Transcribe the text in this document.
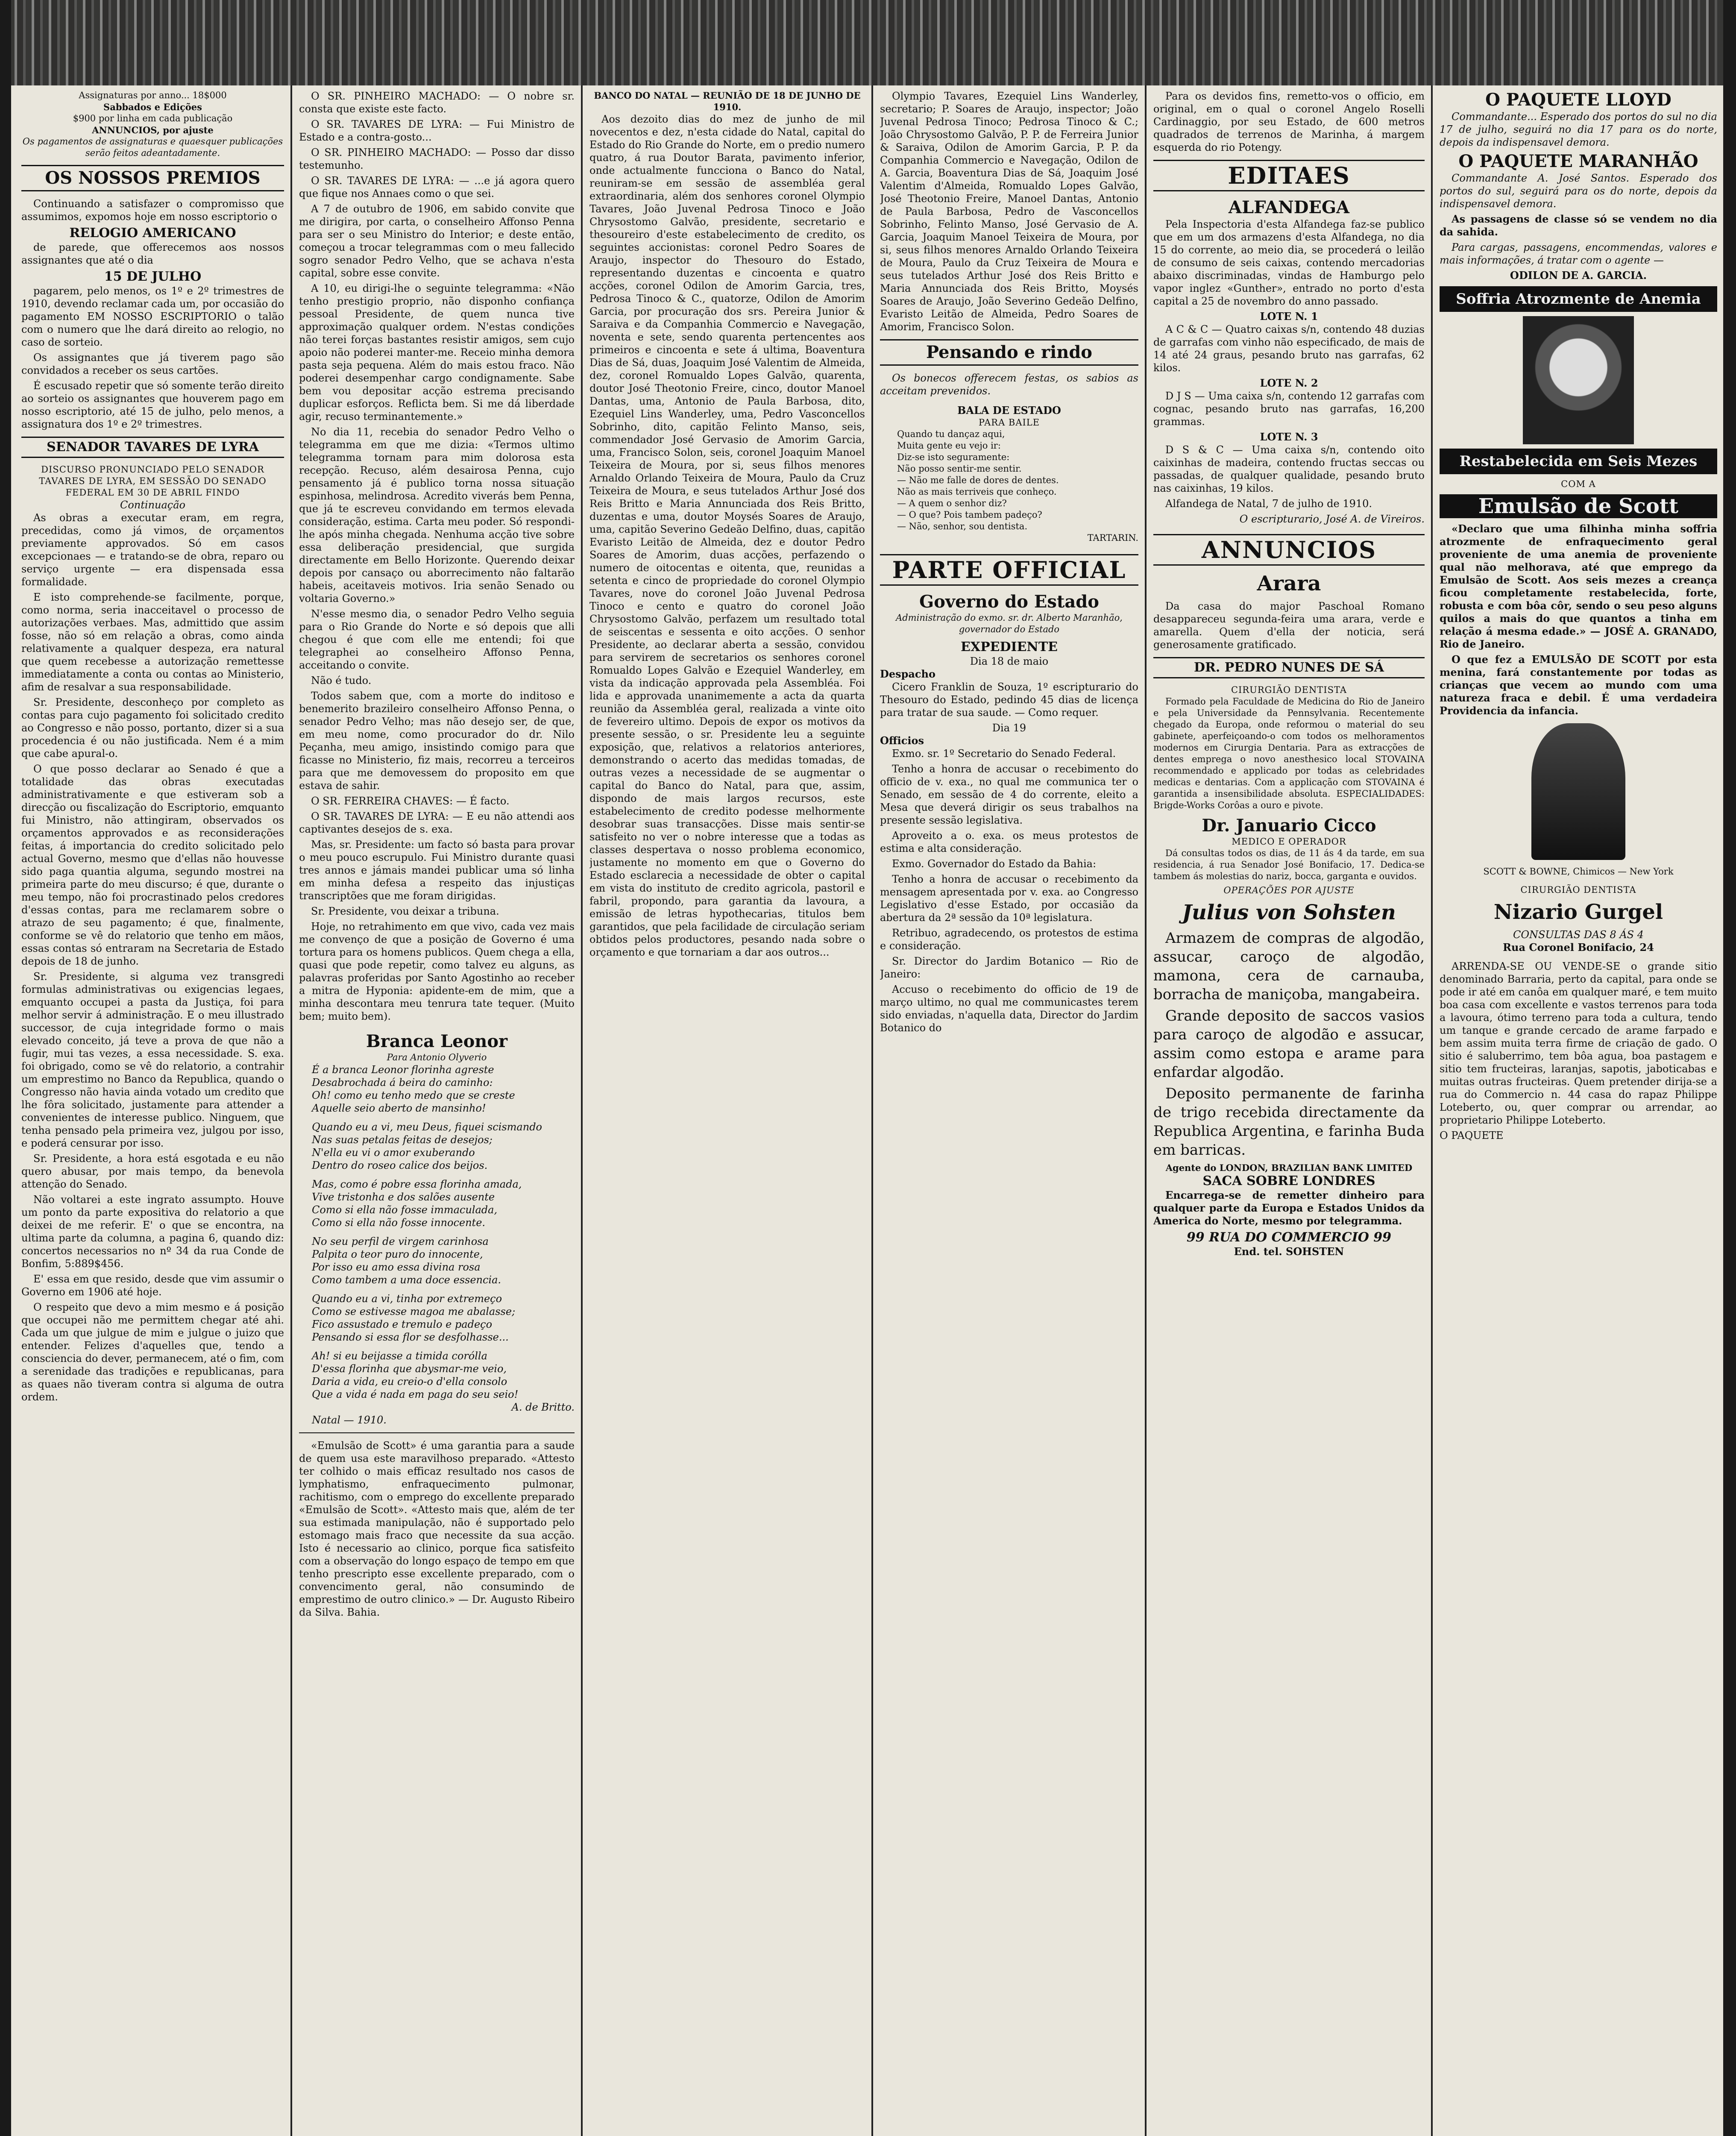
Assignaturas por anno... 18$000
Sabbados e Edições
$900 por linha em cada publicação
ANNUNCIOS, por ajuste
Os pagamentos de assignaturas e quaesquer publicações serão feitos adeantadamente.
OS NOSSOS PREMIOS

Continuando a satisfazer o compromisso que assumimos, expomos hoje em nosso escriptorio o

RELOGIO AMERICANO

de parede, que offerecemos aos nossos assignantes que até o dia

15 DE JULHO

pagarem, pelo menos, os 1º e 2º trimestres de 1910, devendo reclamar cada um, por occasião do pagamento EM NOSSO ESCRIPTORIO o talão com o numero que lhe dará direito ao relogio, no caso de sorteio.

Os assignantes que já tiverem pago são convidados a receber os seus cartões.

É escusado repetir que só somente terão direito ao sorteio os assignantes que houverem pago em nosso escriptorio, até 15 de julho, pelo menos, a assignatura dos 1º e 2º trimestres.

SENADOR TAVARES DE LYRA
DISCURSO PRONUNCIADO PELO SENADOR TAVARES DE LYRA, EM SESSÃO DO SENADO FEDERAL EM 30 DE ABRIL FINDO
Continuação

As obras a executar eram, em regra, precedidas, como já vimos, de orçamentos previamente approvados. Só em casos excepcionaes — e tratando-se de obra, reparo ou serviço urgente — era dispensada essa formalidade.

E isto comprehende-se facilmente, porque, como norma, seria inacceitavel o processo de autorizações verbaes. Mas, admittido que assim fosse, não só em relação a obras, como ainda relativamente a qualquer despeza, era natural que quem recebesse a autorização remettesse immediatamente a conta ou contas ao Ministerio, afim de resalvar a sua responsabilidade.

Sr. Presidente, desconheço por completo as contas para cujo pagamento foi solicitado credito ao Congresso e não posso, portanto, dizer si a sua procedencia é ou não justificada. Nem é a mim que cabe apural-o.

O que posso declarar ao Senado é que a totalidade das obras executadas administrativamente e que estiveram sob a direcção ou fiscalização do Escriptorio, emquanto fui Ministro, não attingiram, observados os orçamentos approvados e as reconsiderações feitas, á importancia do credito solicitado pelo actual Governo, mesmo que d'ellas não houvesse sido paga quantia alguma, segundo mostrei na primeira parte do meu discurso; é que, durante o meu tempo, não foi procrastinado pelos credores d'essas contas, para me reclamarem sobre o atrazo de seu pagamento; é que, finalmente, conforme se vê do relatorio que tenho em mãos, essas contas só entraram na Secretaria de Estado depois de 18 de junho.

Sr. Presidente, si alguma vez transgredi formulas administrativas ou exigencias legaes, emquanto occupei a pasta da Justiça, foi para melhor servir á administração. E o meu illustrado successor, de cuja integridade formo o mais elevado conceito, já teve a prova de que não a fugir, mui tas vezes, a essa necessidade. S. exa. foi obrigado, como se vê do relatorio, a contrahir um emprestimo no Banco da Republica, quando o Congresso não havia ainda votado um credito que lhe fôra solicitado, justamente para attender a convenientes de interesse publico. Ninguem, que tenha pensado pela primeira vez, julgou por isso, e poderá censurar por isso.

Sr. Presidente, a hora está esgotada e eu não quero abusar, por mais tempo, da benevola attenção do Senado.

Não voltarei a este ingrato assumpto. Houve um ponto da parte expositiva do relatorio a que deixei de me referir. E' o que se encontra, na ultima parte da columna, a pagina 6, quando diz: concertos necessarios no nº 34 da rua Conde de Bonfim, 5:889$456.

E' essa em que resido, desde que vim assumir o Governo em 1906 até hoje.

O respeito que devo a mim mesmo e á posição que occupei não me permittem chegar até ahi. Cada um que julgue de mim e julgue o juizo que entender. Felizes d'aquelles que, tendo a consciencia do dever, permanecem, até o fim, com a serenidade das tradições e republicanas, para as quaes não tiveram contra si alguma de outra ordem.

O SR. PINHEIRO MACHADO: — O nobre sr. consta que existe este facto.

O SR. TAVARES DE LYRA: — Fui Ministro de Estado e a contra-gosto...

O SR. PINHEIRO MACHADO: — Posso dar disso testemunho.

O SR. TAVARES DE LYRA: — ...e já agora quero que fique nos Annaes como o que sei.

A 7 de outubro de 1906, em sabido convite que me dirigira, por carta, o conselheiro Affonso Penna para ser o seu Ministro do Interior; e deste então, começou a trocar telegrammas com o meu fallecido sogro senador Pedro Velho, que se achava n'esta capital, sobre esse convite.

A 10, eu dirigi-lhe o seguinte telegramma: «Não tenho prestigio proprio, não disponho confiança pessoal Presidente, de quem nunca tive approximação qualquer ordem. N'estas condições não terei forças bastantes resistir amigos, sem cujo apoio não poderei manter-me. Receio minha demora pasta seja pequena. Além do mais estou fraco. Não poderei desempenhar cargo condignamente. Sabe bem vou depositar acção estrema precisando duplicar esforços. Reflicta bem. Si me dá liberdade agir, recuso terminantemente.»

No dia 11, recebia do senador Pedro Velho o telegramma em que me dizia: «Termos ultimo telegramma tornam para mim dolorosa esta recepção. Recuso, além desairosa Penna, cujo pensamento já é publico torna nossa situação espinhosa, melindrosa. Acredito viverás bem Penna, que já te escreveu convidando em termos elevada consideração, estima. Carta meu poder. Só respondi-lhe após minha chegada. Nenhuma acção tive sobre essa deliberação presidencial, que surgida directamente em Bello Horizonte. Querendo deixar depois por cansaço ou aborrecimento não faltarão habeis, aceitaveis motivos. Iria senão Senado ou voltaria Governo.»

N'esse mesmo dia, o senador Pedro Velho seguia para o Rio Grande do Norte e só depois que alli chegou é que com elle me entendi; foi que telegraphei ao conselheiro Affonso Penna, acceitando o convite.

Não é tudo.

Todos sabem que, com a morte do inditoso e benemerito brazileiro conselheiro Affonso Penna, o senador Pedro Velho; mas não desejo ser, de que, em meu nome, como procurador do dr. Nilo Peçanha, meu amigo, insistindo comigo para que ficasse no Ministerio, fiz mais, recorreu a terceiros para que me demovessem do proposito em que estava de sahir.

O SR. FERREIRA CHAVES: — É facto.

O SR. TAVARES DE LYRA: — E eu não attendi aos captivantes desejos de s. exa.

Mas, sr. Presidente: um facto só basta para provar o meu pouco escrupulo. Fui Ministro durante quasi tres annos e jámais mandei publicar uma só linha em minha defesa a respeito das injustiças transcriptões que me foram dirigidas.

Sr. Presidente, vou deixar a tribuna.

Hoje, no retrahimento em que vivo, cada vez mais me convenço de que a posição de Governo é uma tortura para os homens publicos. Quem chega a ella, quasi que pode repetir, como talvez eu alguns, as palavras proferidas por Santo Agostinho ao receber a mitra de Hyponia: apidente-em de mim, que a minha descontara meu tenrura tate tequer. (Muito bem; muito bem).

Branca Leonor
Para Antonio Olyverio
É a branca Leonor florinha agreste
Desabrochada á beira do caminho:
Oh! como eu tenho medo que se creste
Aquelle seio aberto de mansinho!
Quando eu a vi, meu Deus, fiquei scismando
Nas suas petalas feitas de desejos;
N'ella eu vi o amor exuberando
Dentro do roseo calice dos beijos.
Mas, como é pobre essa florinha amada,
Vive tristonha e dos salões ausente
Como si ella não fosse immaculada,
Como si ella não fosse innocente.
No seu perfil de virgem carinhosa
Palpita o teor puro do innocente,
Por isso eu amo essa divina rosa
Como tambem a uma doce essencia.
Quando eu a vi, tinha por extremeço
Como se estivesse magoa me abalasse;
Fico assustado e tremulo e padeço
Pensando si essa flor se desfolhasse...
Ah! si eu beijasse a timida corólla
D'essa florinha que abysmar-me veio,
Daria a vida, eu creio-o d'ella consolo
Que a vida é nada em paga do seu seio!
A. de Britto.
Natal — 1910.

«Emulsão de Scott» é uma garantia para a saude de quem usa este maravilhoso preparado. «Attesto ter colhido o mais efficaz resultado nos casos de lymphatismo, enfraquecimento pulmonar, rachitismo, com o emprego do excellente preparado «Emulsão de Scott». «Attesto mais que, além de ter sua estimada manipulação, não é supportado pelo estomago mais fraco que necessite da sua acção. Isto é necessario ao clinico, porque fica satisfeito com a observação do longo espaço de tempo em que tenho prescripto esse excellente preparado, com o convencimento geral, não consumindo de emprestimo de outro clinico.» — Dr. Augusto Ribeiro da Silva. Bahia.

BANCO DO NATAL — REUNIÃO DE 18 DE JUNHO DE 1910.

Aos dezoito dias do mez de junho de mil novecentos e dez, n'esta cidade do Natal, capital do Estado do Rio Grande do Norte, em o predio numero quatro, á rua Doutor Barata, pavimento inferior, onde actualmente funcciona o Banco do Natal, reuniram-se em sessão de assembléa geral extraordinaria, além dos senhores coronel Olympio Tavares, João Juvenal Pedrosa Tinoco e João Chrysostomo Galvão, presidente, secretario e thesoureiro d'este estabelecimento de credito, os seguintes accionistas: coronel Pedro Soares de Araujo, inspector do Thesouro do Estado, representando duzentas e cincoenta e quatro acções, coronel Odilon de Amorim Garcia, tres, Pedrosa Tinoco & C., quatorze, Odilon de Amorim Garcia, por procuração dos srs. Pereira Junior & Saraiva e da Companhia Commercio e Navegação, noventa e sete, sendo quarenta pertencentes aos primeiros e cincoenta e sete á ultima, Boaventura Dias de Sá, duas, Joaquim José Valentim de Almeida, dez, coronel Romualdo Lopes Galvão, quarenta, doutor José Theotonio Freire, cinco, doutor Manoel Dantas, uma, Antonio de Paula Barbosa, dito, Ezequiel Lins Wanderley, uma, Pedro Vasconcellos Sobrinho, dito, capitão Felinto Manso, seis, commendador José Gervasio de Amorim Garcia, uma, Francisco Solon, seis, coronel Joaquim Manoel Teixeira de Moura, por si, seus filhos menores Arnaldo Orlando Teixeira de Moura, Paulo da Cruz Teixeira de Moura, e seus tutelados Arthur José dos Reis Britto e Maria Annunciada dos Reis Britto, duzentas e uma, doutor Moysés Soares de Araujo, uma, capitão Severino Gedeão Delfino, duas, capitão Evaristo Leitão de Almeida, dez e doutor Pedro Soares de Amorim, duas acções, perfazendo o numero de oitocentas e oitenta, que, reunidas a setenta e cinco de propriedade do coronel Olympio Tavares, nove do coronel João Juvenal Pedrosa Tinoco e cento e quatro do coronel João Chrysostomo Galvão, perfazem um resultado total de seiscentas e sessenta e oito acções. O senhor Presidente, ao declarar aberta a sessão, convidou para servirem de secretarios os senhores coronel Romualdo Lopes Galvão e Ezequiel Wanderley, em vista da indicação approvada pela Assembléa. Foi lida e approvada unanimemente a acta da quarta reunião da Assembléa geral, realizada a vinte oito de fevereiro ultimo. Depois de expor os motivos da presente sessão, o sr. Presidente leu a seguinte exposição, que, relativos a relatorios anteriores, demonstrando o acerto das medidas tomadas, de outras vezes a necessidade de se augmentar o capital do Banco do Natal, para que, assim, dispondo de mais largos recursos, este estabelecimento de credito podesse melhormente desobrar suas transacções. Disse mais sentir-se satisfeito no ver o nobre interesse que a todas as classes despertava o nosso problema economico, justamente no momento em que o Governo do Estado esclarecia a necessidade de obter o capital em vista do instituto de credito agricola, pastoril e fabril, propondo, para garantia da lavoura, a emissão de letras hypothecarias, titulos bem garantidos, que pela facilidade de circulação seriam obtidos pelos productores, pesando nada sobre o orçamento e que tornariam a dar aos outros...

Olympio Tavares, Ezequiel Lins Wanderley, secretario; P. Soares de Araujo, inspector; João Juvenal Pedrosa Tinoco; Pedrosa Tinoco & C.; João Chrysostomo Galvão, P. P. de Ferreira Junior & Saraiva, Odilon de Amorim Garcia, P. P. da Companhia Commercio e Navegação, Odilon de A. Garcia, Boaventura Dias de Sá, Joaquim José Valentim d'Almeida, Romualdo Lopes Galvão, José Theotonio Freire, Manoel Dantas, Antonio de Paula Barbosa, Pedro de Vasconcellos Sobrinho, Felinto Manso, José Gervasio de A. Garcia, Joaquim Manoel Teixeira de Moura, por si, seus filhos menores Arnaldo Orlando Teixeira de Moura, Paulo da Cruz Teixeira de Moura e seus tutelados Arthur José dos Reis Britto e Maria Annunciada dos Reis Britto, Moysés Soares de Araujo, João Severino Gedeão Delfino, Evaristo Leitão de Almeida, Pedro Soares de Amorim, Francisco Solon.

Pensando e rindo

Os bonecos offerecem festas, os sabios as acceitam prevenidos.

BALA DE ESTADO
PARA BAILE
Quando tu dançaz aqui,
Muita gente eu vejo ir:
Diz-se isto seguramente:
Não posso sentir-me sentir.
— Não me falle de dores de dentes.
Não as mais terriveis que conheço.
— A quem o senhor diz?
— O que? Pois tambem padeço?
— Não, senhor, sou dentista.
TARTARIN.
PARTE OFFICIAL
Governo do Estado
Administração do exmo. sr. dr. Alberto Maranhão, governador do Estado
EXPEDIENTE
Dia 18 de maio
Despacho

Cicero Franklin de Souza, 1º escripturario do Thesouro do Estado, pedindo 45 dias de licença para tratar de sua saude. — Como requer.

Dia 19
Officios

Exmo. sr. 1º Secretario do Senado Federal.

Tenho a honra de accusar o recebimento do officio de v. exa., no qual me communica ter o Senado, em sessão de 4 do corrente, eleito a Mesa que deverá dirigir os seus trabalhos na presente sessão legislativa.

Aproveito a o. exa. os meus protestos de estima e alta consideração.

Exmo. Governador do Estado da Bahia:

Tenho a honra de accusar o recebimento da mensagem apresentada por v. exa. ao Congresso Legislativo d'esse Estado, por occasião da abertura da 2ª sessão da 10ª legislatura.

Retribuo, agradecendo, os protestos de estima e consideração.

Sr. Director do Jardim Botanico — Rio de Janeiro:

Accuso o recebimento do officio de 19 de março ultimo, no qual me communicastes terem sido enviadas, n'aquella data, Director do Jardim Botanico do

Para os devidos fins, remetto-vos o officio, em original, em o qual o coronel Angelo Roselli Cardinaggio, por seu Estado, de 600 metros quadrados de terrenos de Marinha, á margem esquerda do rio Potengy.

EDITAES
ALFANDEGA

Pela Inspectoria d'esta Alfandega faz-se publico que em um dos armazens d'esta Alfandega, no dia 15 do corrente, ao meio dia, se procederá o leilão de consumo de seis caixas, contendo mercadorias abaixo discriminadas, vindas de Hamburgo pelo vapor inglez «Gunther», entrado no porto d'esta capital a 25 de novembro do anno passado.

LOTE N. 1

A C & C — Quatro caixas s/n, contendo 48 duzias de garrafas com vinho não especificado, de mais de 14 até 24 graus, pesando bruto nas garrafas, 62 kilos.

LOTE N. 2

D J S — Uma caixa s/n, contendo 12 garrafas com cognac, pesando bruto nas garrafas, 16,200 grammas.

LOTE N. 3

D S & C — Uma caixa s/n, contendo oito caixinhas de madeira, contendo fructas seccas ou passadas, de qualquer qualidade, pesando bruto nas caixinhas, 19 kilos.

Alfandega de Natal, 7 de julho de 1910.

O escripturario, José A. de Vireiros.
ANNUNCIOS
Arara

Da casa do major Paschoal Romano desappareceu segunda-feira uma arara, verde e amarella. Quem d'ella der noticia, será generosamente gratificado.

DR. PEDRO NUNES DE SÁ
CIRURGIÃO DENTISTA

Formado pela Faculdade de Medicina do Rio de Janeiro e pela Universidade da Pennsylvania. Recentemente chegado da Europa, onde reformou o material do seu gabinete, aperfeiçoando-o com todos os melhoramentos modernos em Cirurgia Dentaria. Para as extracções de dentes emprega o novo anesthesico local STOVAINA recommendado e applicado por todas as celebridades medicas e dentarias. Com a applicação com STOVAINA é garantida a insensibilidade absoluta. ESPECIALIDADES: Brigde-Works Corôas a ouro e pivote.

Dr. Januario Cicco
MEDICO E OPERADOR

Dá consultas todos os dias, de 11 ás 4 da tarde, em sua residencia, á rua Senador José Bonifacio, 17. Dedica-se tambem ás molestias do nariz, bocca, garganta e ouvidos.

OPERAÇÕES POR AJUSTE
Julius von Sohsten

Armazem de compras de algodão, assucar, caroço de algodão, mamona, cera de carnauba, borracha de maniçoba, mangabeira.

Grande deposito de saccos vasios para caroço de algodão e assucar, assim como estopa e arame para enfardar algodão.

Deposito permanente de farinha de trigo recebida directamente da Republica Argentina, e farinha Buda em barricas.

Agente do LONDON, BRAZILIAN BANK LIMITED
SACA SOBRE LONDRES

Encarrega-se de remetter dinheiro para qualquer parte da Europa e Estados Unidos da America do Norte, mesmo por telegramma.

99 RUA DO COMMERCIO 99
End. tel. SOHSTEN
O PAQUETE LLOYD

Commandante... Esperado dos portos do sul no dia 17 de julho, seguirá no dia 17 para os do norte, depois da indispensavel demora.

O PAQUETE MARANHÃO

Commandante A. José Santos. Esperado dos portos do sul, seguirá para os do norte, depois da indispensavel demora.

As passagens de classe só se vendem no dia da sahida.

Para cargas, passagens, encommendas, valores e mais informações, á tratar com o agente —

ODILON DE A. GARCIA.
Soffria Atrozmente de Anemia
Restabelecida em Seis Mezes
COM A
Emulsão de Scott

«Declaro que uma filhinha minha soffria atrozmente de enfraquecimento geral proveniente de uma anemia de proveniente qual não melhorava, até que emprego da Emulsão de Scott. Aos seis mezes a creança ficou completamente restabelecida, forte, robusta e com bôa côr, sendo o seu peso alguns quilos a mais do que quantos a tinha em relação á mesma edade.» — JOSÉ A. GRANADO, Rio de Janeiro.

O que fez a EMULSÃO DE SCOTT por esta menina, fará constantemente por todas as crianças que vecem ao mundo com uma natureza fraca e debil. É uma verdadeira Providencia da infancia.

SCOTT & BOWNE, Chimicos — New York
CIRURGIÃO DENTISTA
Nizario Gurgel
CONSULTAS DAS 8 ÁS 4
Rua Coronel Bonifacio, 24

ARRENDA-SE OU VENDE-SE o grande sitio denominado Barraria, perto da capital, para onde se pode ir até em canôa em qualquer maré, e tem muito boa casa com excellente e vastos terrenos para toda a lavoura, ótimo terreno para toda a cultura, tendo um tanque e grande cercado de arame farpado e bem assim muita terra firme de criação de gado. O sitio é saluberrimo, tem bôa agua, boa pastagem e sitio tem fructeiras, laranjas, sapotis, jaboticabas e muitas outras fructeiras. Quem pretender dirija-se a rua do Commercio n. 44 casa do rapaz Philippe Loteberto, ou, quer comprar ou arrendar, ao proprietario Philippe Loteberto.

O PAQUETE
